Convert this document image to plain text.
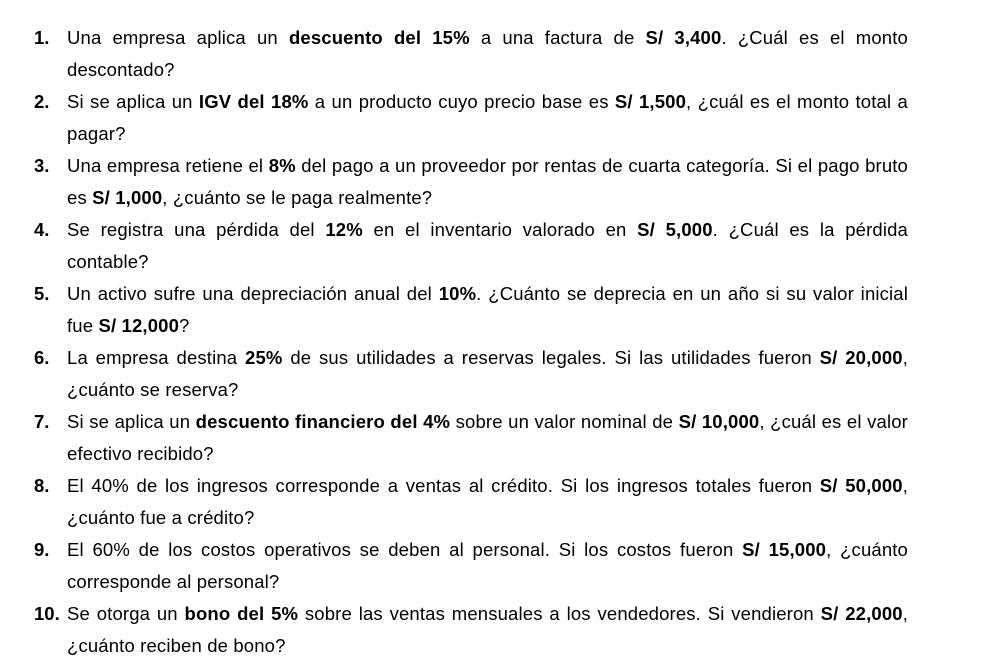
1. Una empresa aplica un descuento del 15% a una factura de S/ 3,400. ¿Cuál es el monto descontado?
2. Si se aplica un IGV del 18% a un producto cuyo precio base es S/ 1,500, ¿cuál es el monto total a pagar?
3. Una empresa retiene el 8% del pago a un proveedor por rentas de cuarta categoría. Si el pago bruto es S/ 1,000, ¿cuánto se le paga realmente?
4. Se registra una pérdida del 12% en el inventario valorado en S/ 5,000. ¿Cuál es la pérdida contable?
5. Un activo sufre una depreciación anual del 10%. ¿Cuánto se deprecia en un año si su valor inicial fue S/ 12,000?
6. La empresa destina 25% de sus utilidades a reservas legales. Si las utilidades fueron S/ 20,000, ¿cuánto se reserva?
7. Si se aplica un descuento financiero del 4% sobre un valor nominal de S/ 10,000, ¿cuál es el valor efectivo recibido?
8. El 40% de los ingresos corresponde a ventas al crédito. Si los ingresos totales fueron S/ 50,000, ¿cuánto fue a crédito?
9. El 60% de los costos operativos se deben al personal. Si los costos fueron S/ 15,000, ¿cuánto corresponde al personal?
10. Se otorga un bono del 5% sobre las ventas mensuales a los vendedores. Si vendieron S/ 22,000, ¿cuánto reciben de bono?
